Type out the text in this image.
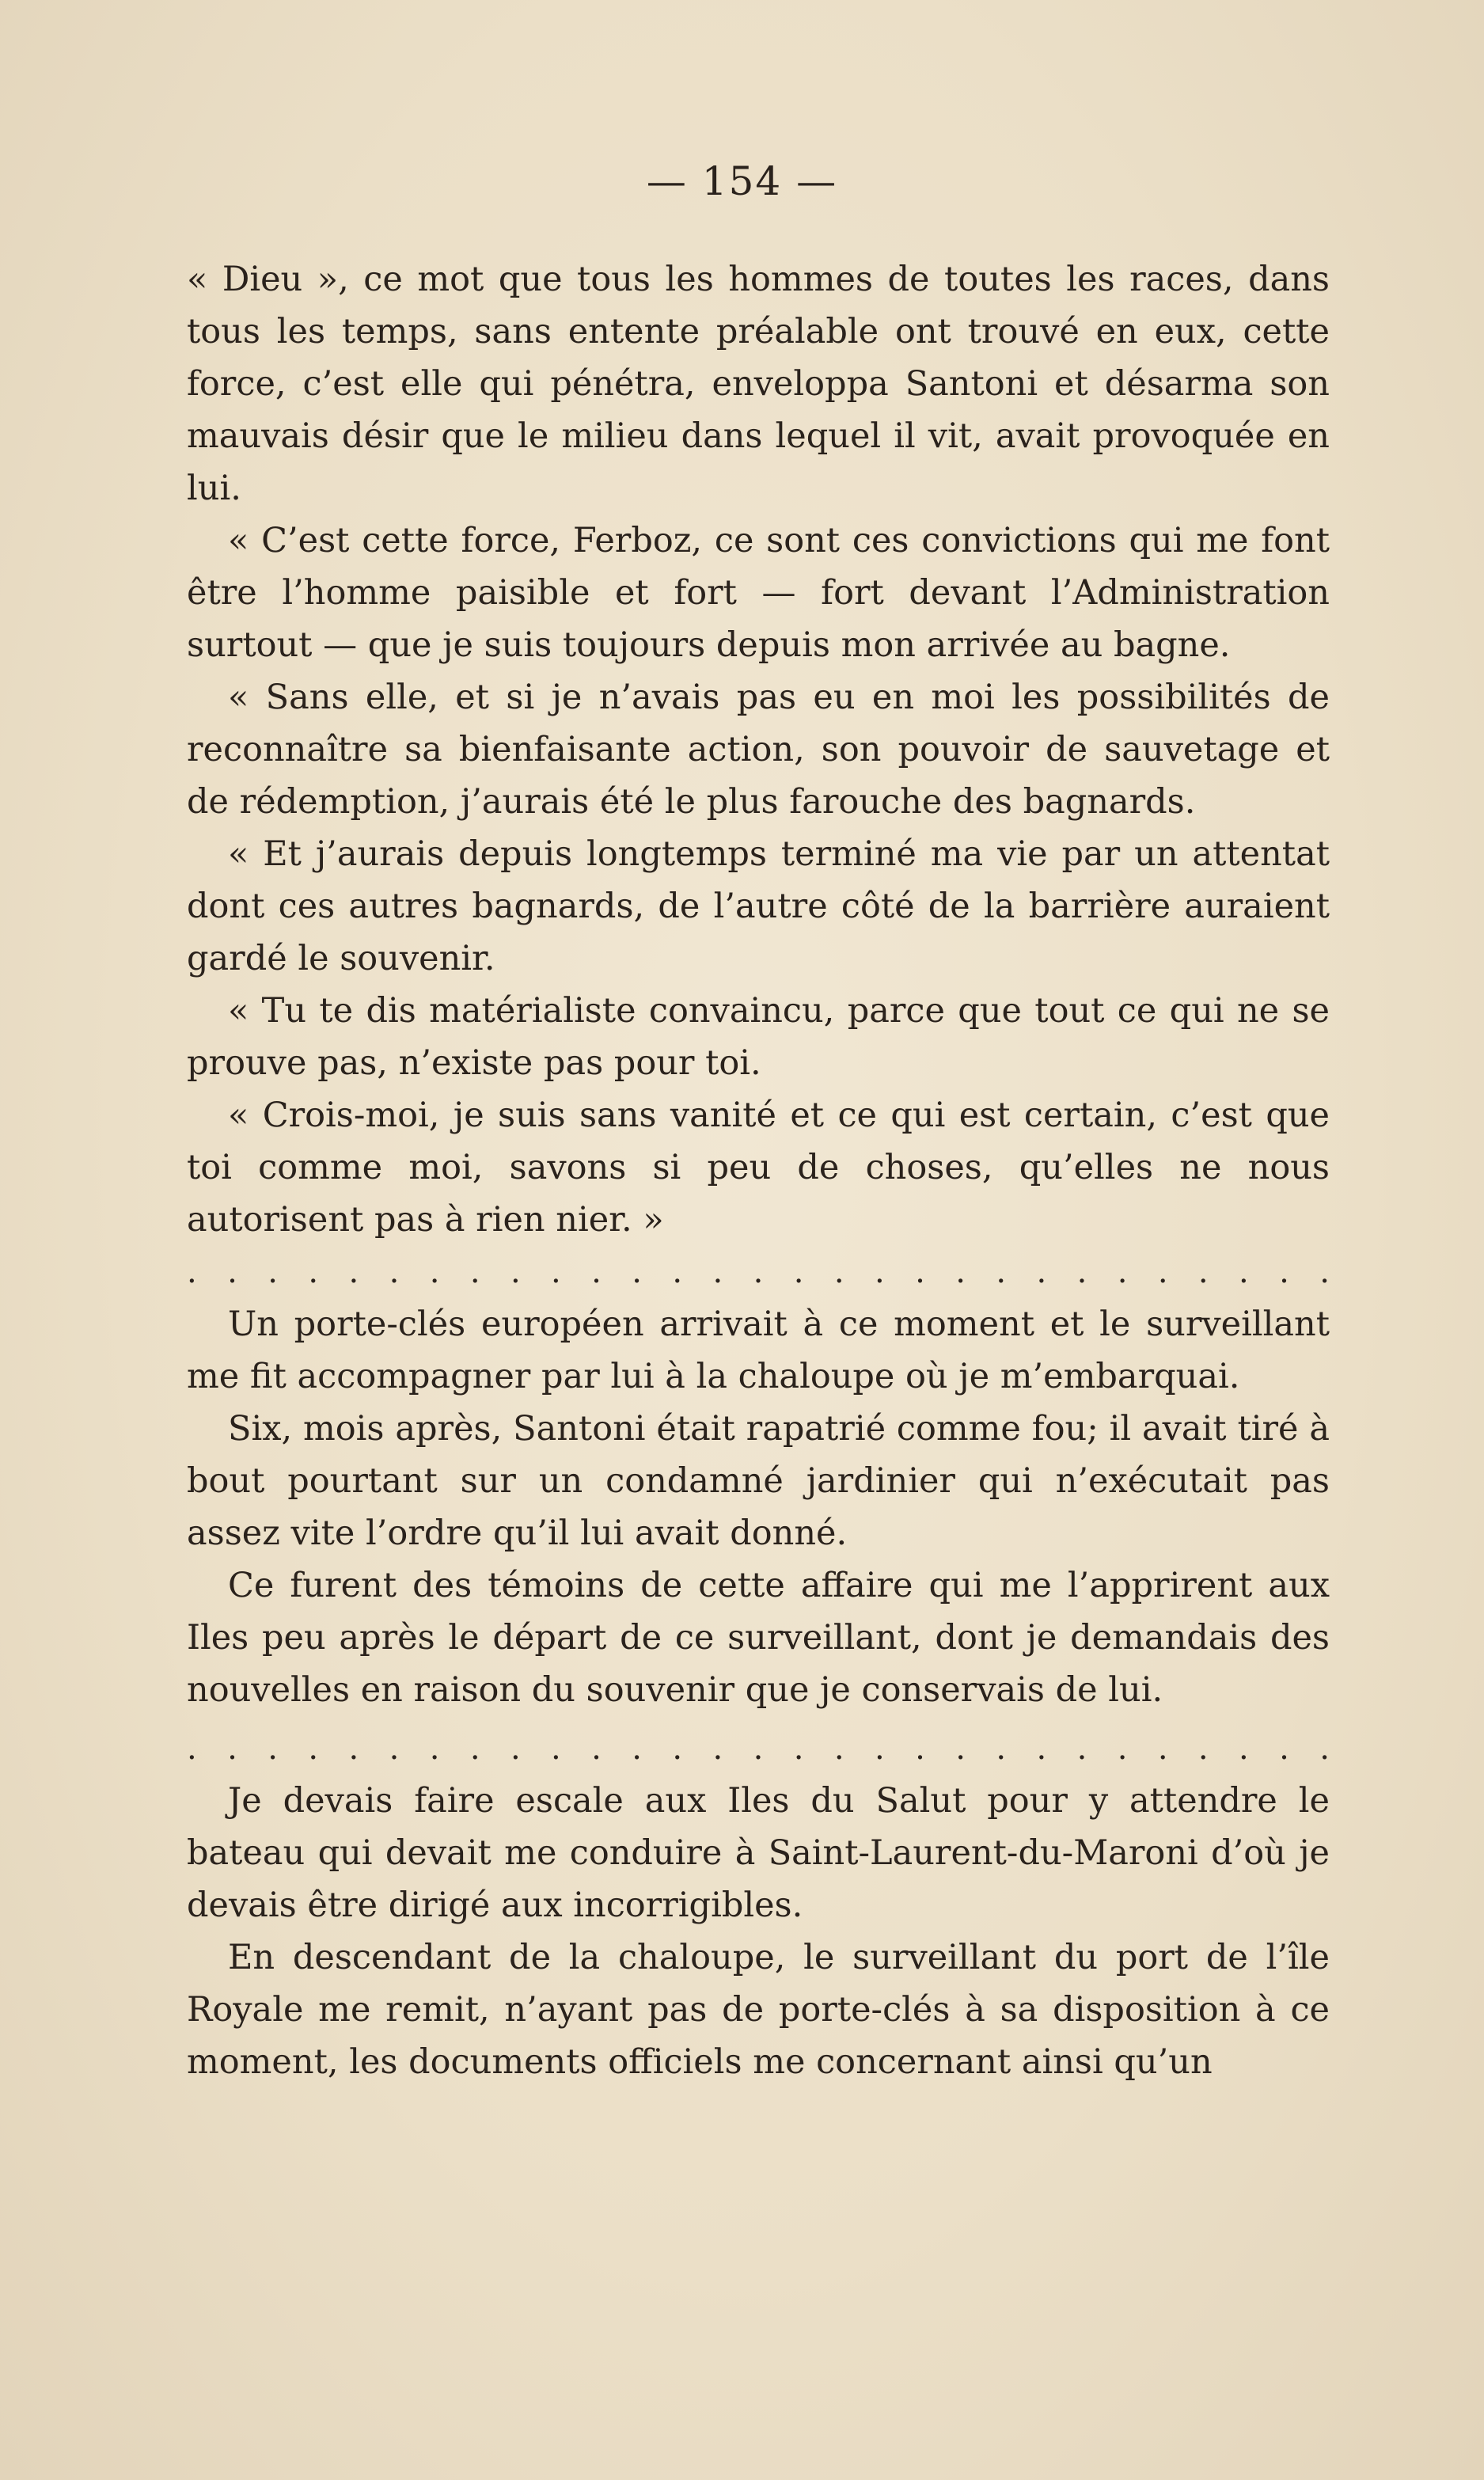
— 154 —

« Dieu », ce mot que tous les hommes de toutes les races, dans tous les temps, sans entente préalable ont trouvé en eux, cette force, c’est elle qui pénétra, enveloppa Santoni et désarma son mauvais désir que le milieu dans lequel il vit, avait provoquée en lui.

« C’est cette force, Ferboz, ce sont ces convictions qui me font être l’homme paisible et fort — fort devant l’Administration surtout — que je suis toujours depuis mon arrivée au bagne.

« Sans elle, et si je n’avais pas eu en moi les possibilités de reconnaître sa bienfaisante action, son pouvoir de sauvetage et de rédemption, j’aurais été le plus farouche des bagnards.

« Et j’aurais depuis longtemps terminé ma vie par un attentat dont ces autres bagnards, de l’autre côté de la barrière auraient gardé le souvenir.

« Tu te dis matérialiste convaincu, parce que tout ce qui ne se prouve pas, n’existe pas pour toi.

« Crois-moi, je suis sans vanité et ce qui est certain, c’est que toi comme moi, savons si peu de choses, qu’elles ne nous autorisent pas à rien nier. »

. . . . . . . . . . . . . . . . . . . . . . . . . . . . .

Un porte-clés européen arrivait à ce moment et le surveillant me fit accompagner par lui à la chaloupe où je m’embarquai.

Six, mois après, Santoni était rapatrié comme fou; il avait tiré à bout pourtant sur un condamné jardinier qui n’exécutait pas assez vite l’ordre qu’il lui avait donné.

Ce furent des témoins de cette affaire qui me l’apprirent aux Iles peu après le départ de ce surveillant, dont je demandais des nouvelles en raison du souvenir que je conservais de lui.

. . . . . . . . . . . . . . . . . . . . . . . . . . . . .

Je devais faire escale aux Iles du Salut pour y attendre le bateau qui devait me conduire à Saint-Laurent-du-Maroni d’où je devais être dirigé aux incorrigibles.

En descendant de la chaloupe, le surveillant du port de l’île Royale me remit, n’ayant pas de porte-clés à sa disposition à ce moment, les documents officiels me concernant ainsi qu’un
